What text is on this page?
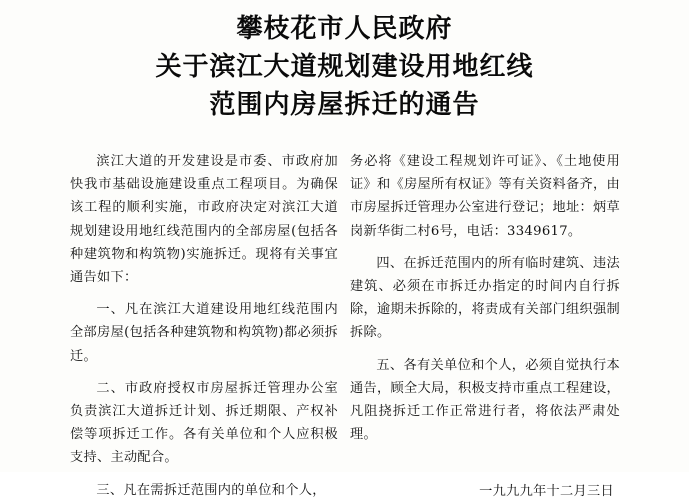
攀枝花市人民政府
关于滨江大道规划建设用地红线
范围内房屋拆迁的通告

滨江大道的开发建设是市委、市政府加快我市基础设施建设重点工程项目。为确保该工程的顺利实施，市政府决定对滨江大道规划建设用地红线范围内的全部房屋(包括各种建筑物和构筑物)实施拆迁。现将有关事宜通告如下：

一、凡在滨江大道建设用地红线范围内全部房屋(包括各种建筑物和构筑物)都必须拆迁。

二、市政府授权市房屋拆迁管理办公室负责滨江大道拆迁计划、拆迁期限、产权补偿等项拆迁工作。各有关单位和个人应积极支持、主动配合。

三、凡在需拆迁范围内的单位和个人，

务必将《建设工程规划许可证》、《土地使用证》和《房屋所有权证》等有关资料备齐，由市房屋拆迁管理办公室进行登记；地址：炳草岗新华街二村6号，电话：3349617。

四、在拆迁范围内的所有临时建筑、违法建筑、必须在市拆迁办指定的时间内自行拆除，逾期未拆除的，将责成有关部门组织强制拆除。

五、各有关单位和个人，必须自觉执行本通告，顾全大局，积极支持市重点工程建设，凡阻挠拆迁工作正常进行者，将依法严肃处理。

一九九九年十二月三日
